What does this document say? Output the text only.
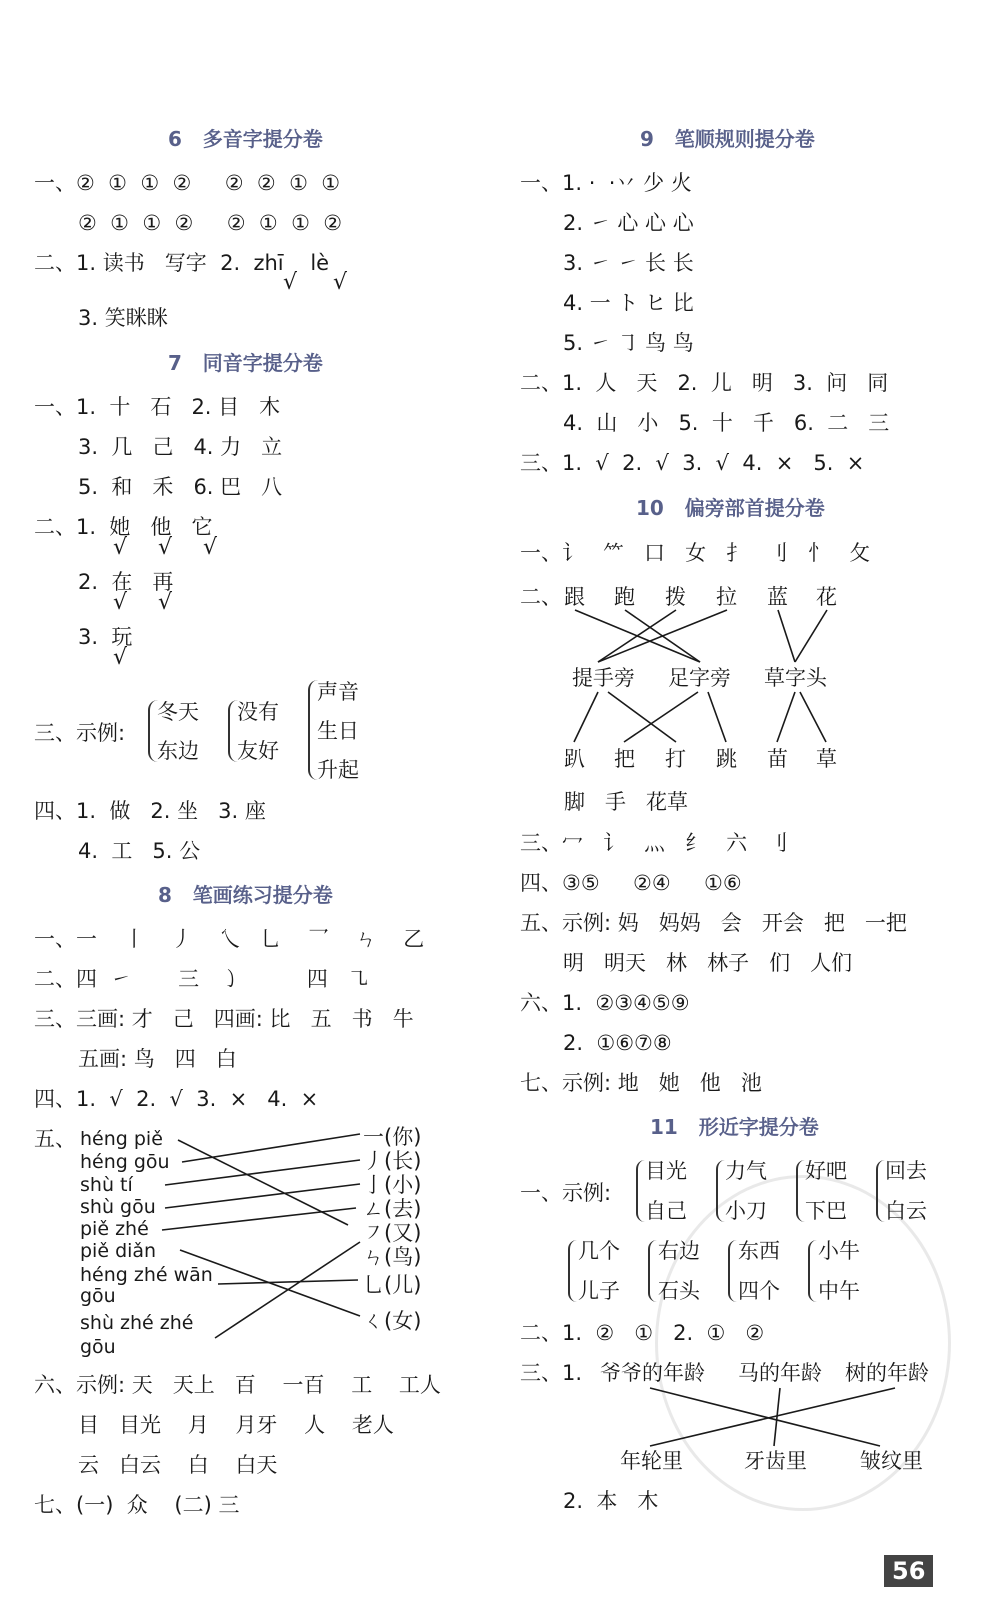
6   多音字提分卷
一、②  ①  ①  ②     ②  ②  ①  ①
②  ①  ①  ②     ②  ①  ①  ②
二、1. 读书   写字  2.  zhī    lè
√ √
3. 笑眯眯
7   同音字提分卷
一、1.  十   石   2. 目   木
3.  几   己   4. 力   立
5.  和   禾   6. 巴   八
二、1.  她   他   它
√ √ √
2.  在   再
√ √
3.  玩
√
三、示例:
冬天
东边
没有
友好
声音
生日
升起
四、1.  做   2. 坐   3. 座
4.  工   5. 公
8   笔画练习提分卷
一、一    丨    丿    乀   乚    乛    ㄣ    乙
二、四  ㇀       三   ㇁          四   ㇈
三、三画: 才   己   四画: 比   五   书   牛
五画: 鸟   四   白
四、1.  √  2.  √  3.  ×   4.  ×
五、 héng piě
héng gōu
shù tí
shù gōu
piě zhé
piě diǎn
héng zhé wān
gōu
shù zhé zhé
gōu
一(你)
丿(长)
亅(小)
ㄥ(去)
㇇(又)
ㄣ(鸟)
乚(儿)
ㄑ(女)
六、示例: 天   天上   百    一百    工    工人
目   目光    月    月牙    人    老人
云   白云    白    白天
七、(一)  众    (二) 三
9   笔顺规则提分卷
一、1. ·  ·丷 少 火
2. ㇀ 心 心 心
3. ㇀ ㇀ 长 长
4. 一 ト ヒ 比
5. ㇀ ㇆ 鸟 鸟
二、1.  人   天   2.  儿   明   3.  问   同
4.  山   小   5.  十   千   6.  二   三
三、1.  √  2.  √  3.  √  4.  ×   5.  ×
10   偏旁部首提分卷
一、讠   ⺮   口   女   扌   刂   忄   攵
二、 跟 跑 拨 拉 蓝 花
提手旁 足字旁 草字头
趴 把 打 跳 苗 草
脚   手   花草
三、冖   讠   灬   纟   六   刂
四、③⑤     ②④     ①⑥
五、示例: 妈   妈妈   会   开会   把   一把
明   明天   林   林子   们   人们
六、1.  ②③④⑤⑨
2.  ①⑥⑦⑧
七、示例: 地   她   他   池
11   形近字提分卷
一、示例:
目光
自己
力气
小刀
好吧
下巴
回去
白云
几个
儿子
右边
石头
东西
四个
小牛
中午
二、1.  ②   ①   2.  ①   ②
三、1. 爷爷的年龄 马的年龄 树的年龄
年轮里	牙齿里	皱纹里
2.  本   木
56
